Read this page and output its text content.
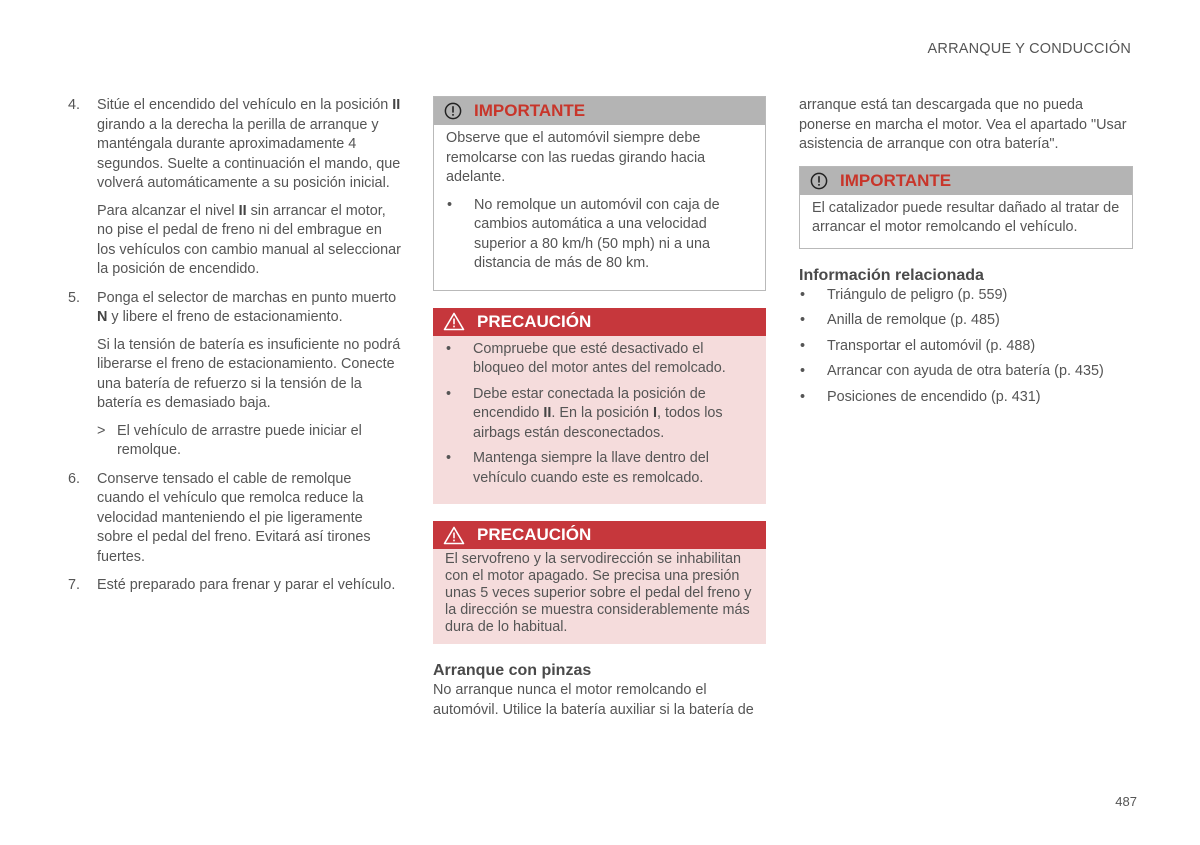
ARRANQUE Y CONDUCCIÓN
4. Sitúe el encendido del vehículo en la posición II girando a la derecha la perilla de arranque y manténgala durante aproximadamente 4 segundos. Suelte a continuación el mando, que volverá automáticamente a su posición inicial.

Para alcanzar el nivel II sin arrancar el motor, no pise el pedal de freno ni del embrague en los vehículos con cambio manual al seleccionar la posición de encendido.

5. Ponga el selector de marchas en punto muerto N y libere el freno de estacionamiento.

Si la tensión de batería es insuficiente no podrá liberarse el freno de estacionamiento. Conecte una batería de refuerzo si la tensión de la batería es demasiado baja.

> El vehículo de arrastre puede iniciar el remolque.

6. Conserve tensado el cable de remolque cuando el vehículo que remolca reduce la velocidad manteniendo el pie ligeramente sobre el pedal del freno. Evitará así tirones fuertes.

7. Esté preparado para frenar y parar el vehículo.

IMPORTANTE

Observe que el automóvil siempre debe remolcarse con las ruedas girando hacia adelante.

• No remolque un automóvil con caja de cambios automática a una velocidad superior a 80 km/h (50 mph) ni a una distancia de más de 80 km.
PRECAUCIÓN
• Compruebe que esté desactivado el bloqueo del motor antes del remolcado.
• Debe estar conectada la posición de encendido II. En la posición I, todos los airbags están desconectados.
• Mantenga siempre la llave dentro del vehículo cuando este es remolcado.
PRECAUCIÓN

El servofreno y la servodirección se inhabilitan con el motor apagado. Se precisa una presión unas 5 veces superior sobre el pedal del freno y la dirección se muestra considerablemente más dura de lo habitual.

Arranque con pinzas

No arranque nunca el motor remolcando el automóvil. Utilice la batería auxiliar si la batería de

arranque está tan descargada que no pueda ponerse en marcha el motor. Vea el apartado "Usar asistencia de arranque con otra batería".

IMPORTANTE

El catalizador puede resultar dañado al tratar de arrancar el motor remolcando el vehículo.

Información relacionada
• Triángulo de peligro (p. 559)
• Anilla de remolque (p. 485)
• Transportar el automóvil (p. 488)
• Arrancar con ayuda de otra batería (p. 435)
• Posiciones de encendido (p. 431)
487
